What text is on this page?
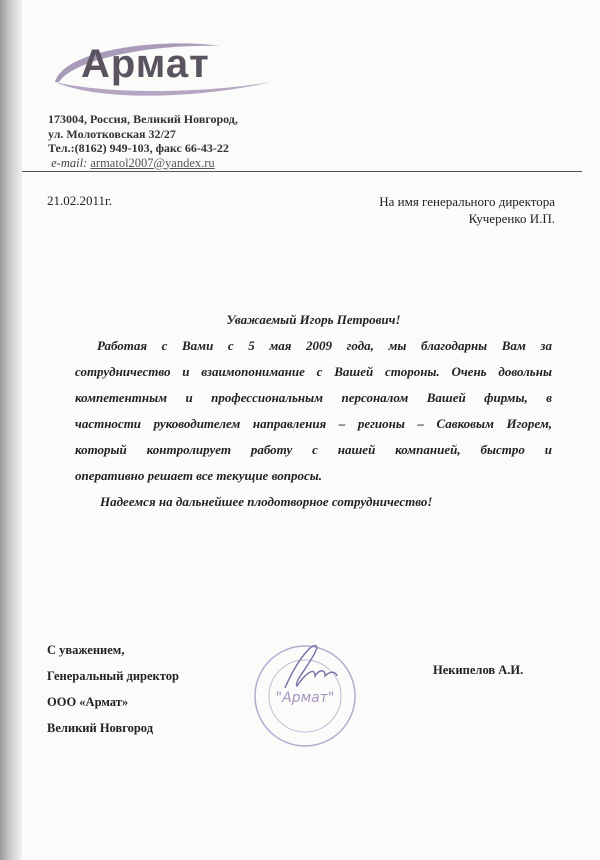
Армат
173004, Россия, Великий Новгород,
ул. Молотковская 32/27
Тел.:(8162) 949-103, факс 66-43-22
e-mail: armatol2007@yandex.ru
21.02.2011г.	На имя генерального директора
Кучеренко И.П.
Уважаемый Игорь Петрович!
Работая с Вами с 5 мая 2009 года, мы благодарны Вам за
сотрудничество и взаимопонимание с Вашей стороны. Очень довольны
компетентным и профессиональным персоналом Вашей фирмы, в
частности руководителем направления – регионы – Савковым Игорем,
который контролирует работу с нашей компанией, быстро и
оперативно решает все текущие вопросы.
Надеемся на дальнейшее плодотворное сотрудничество!
С уважением,
Генеральный директор
ООО «Армат»
Великий Новгород
"Армат"
Некипелов А.И.
